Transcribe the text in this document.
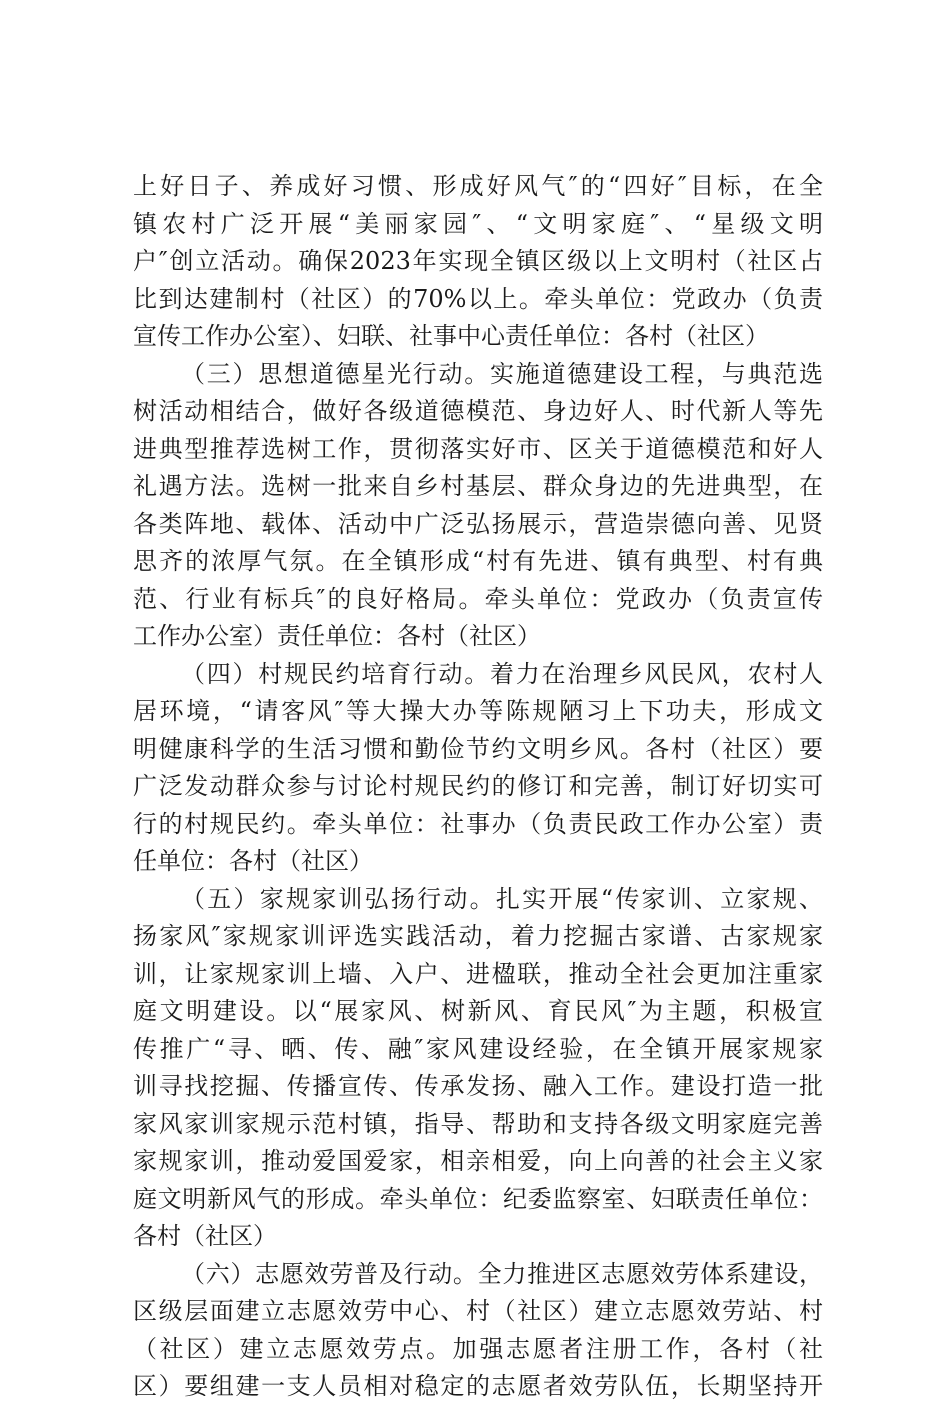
上好日子、养成好习惯、形成好风气″的“四好″目标，在全
镇农村广泛开展“美丽家园″、“文明家庭″、“星级文明
户″创立活动。确保2023年实现全镇区级以上文明村（社区占
比到达建制村（社区）的70%以上。牵头单位：党政办（负责
宣传工作办公室）、妇联、社事中心责任单位：各村（社区）
（三）思想道德星光行动。实施道德建设工程，与典范选
树活动相结合，做好各级道德模范、身边好人、时代新人等先
进典型推荐选树工作，贯彻落实好市、区关于道德模范和好人
礼遇方法。选树一批来自乡村基层、群众身边的先进典型，在
各类阵地、载体、活动中广泛弘扬展示，营造崇德向善、见贤
思齐的浓厚气氛。在全镇形成“村有先进、镇有典型、村有典
范、行业有标兵″的良好格局。牵头单位：党政办（负责宣传
工作办公室）责任单位：各村（社区）
（四）村规民约培育行动。着力在治理乡风民风，农村人
居环境，“请客风″等大操大办等陈规陋习上下功夫，形成文
明健康科学的生活习惯和勤俭节约文明乡风。各村（社区）要
广泛发动群众参与讨论村规民约的修订和完善，制订好切实可
行的村规民约。牵头单位：社事办（负责民政工作办公室）责
任单位：各村（社区）
（五）家规家训弘扬行动。扎实开展“传家训、立家规、
扬家风″家规家训评选实践活动，着力挖掘古家谱、古家规家
训，让家规家训上墙、入户、进楹联，推动全社会更加注重家
庭文明建设。以“展家风、树新风、育民风″为主题，积极宣
传推广“寻、晒、传、融″家风建设经验，在全镇开展家规家
训寻找挖掘、传播宣传、传承发扬、融入工作。建设打造一批
家风家训家规示范村镇，指导、帮助和支持各级文明家庭完善
家规家训，推动爱国爱家，相亲相爱，向上向善的社会主义家
庭文明新风气的形成。牵头单位：纪委监察室、妇联责任单位：
各村（社区）
（六）志愿效劳普及行动。全力推进区志愿效劳体系建设，
区级层面建立志愿效劳中心、村（社区）建立志愿效劳站、村
（社区）建立志愿效劳点。加强志愿者注册工作，各村（社
区）要组建一支人员相对稳定的志愿者效劳队伍，长期坚持开
